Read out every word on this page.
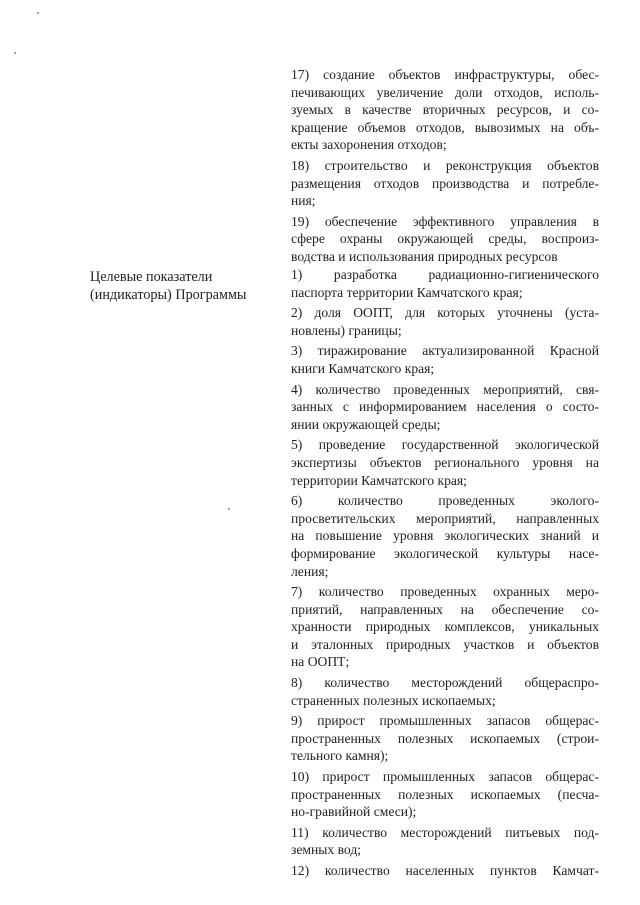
Целевые показатели
(индикаторы) Программы
17) создание объектов инфраструктуры, обес-
печивающих увеличение доли отходов, исполь-
зуемых в качестве вторичных ресурсов, и со-
кращение объемов отходов, вывозимых на объ-
екты захоронения отходов;
18) строительство и реконструкция объектов
размещения отходов производства и потребле-
ния;
19) обеспечение эффективного управления в
сфере охраны окружающей среды, воспроиз-
водства и использования природных ресурсов
1) разработка радиационно-гигиенического
паспорта территории Камчатского края;
2) доля ООПТ, для которых уточнены (уста-
новлены) границы;
3) тиражирование актуализированной Красной
книги Камчатского края;
4) количество проведенных мероприятий, свя-
занных с информированием населения о состо-
янии окружающей среды;
5) проведение государственной экологической
экспертизы объектов регионального уровня на
территории Камчатского края;
6) количество проведенных эколого-
просветительских мероприятий, направленных
на повышение уровня экологических знаний и
формирование экологической культуры насе-
ления;
7) количество проведенных охранных меро-
приятий, направленных на обеспечение со-
хранности природных комплексов, уникальных
и эталонных природных участков и объектов
на ООПТ;
8) количество месторождений общераспро-
страненных полезных ископаемых;
9) прирост промышленных запасов общерас-
пространенных полезных ископаемых (строи-
тельного камня);
10) прирост промышленных запасов общерас-
пространенных полезных ископаемых (песча-
но-гравийной смеси);
11) количество месторождений питьевых под-
земных вод;
12) количество населенных пунктов Камчат-
